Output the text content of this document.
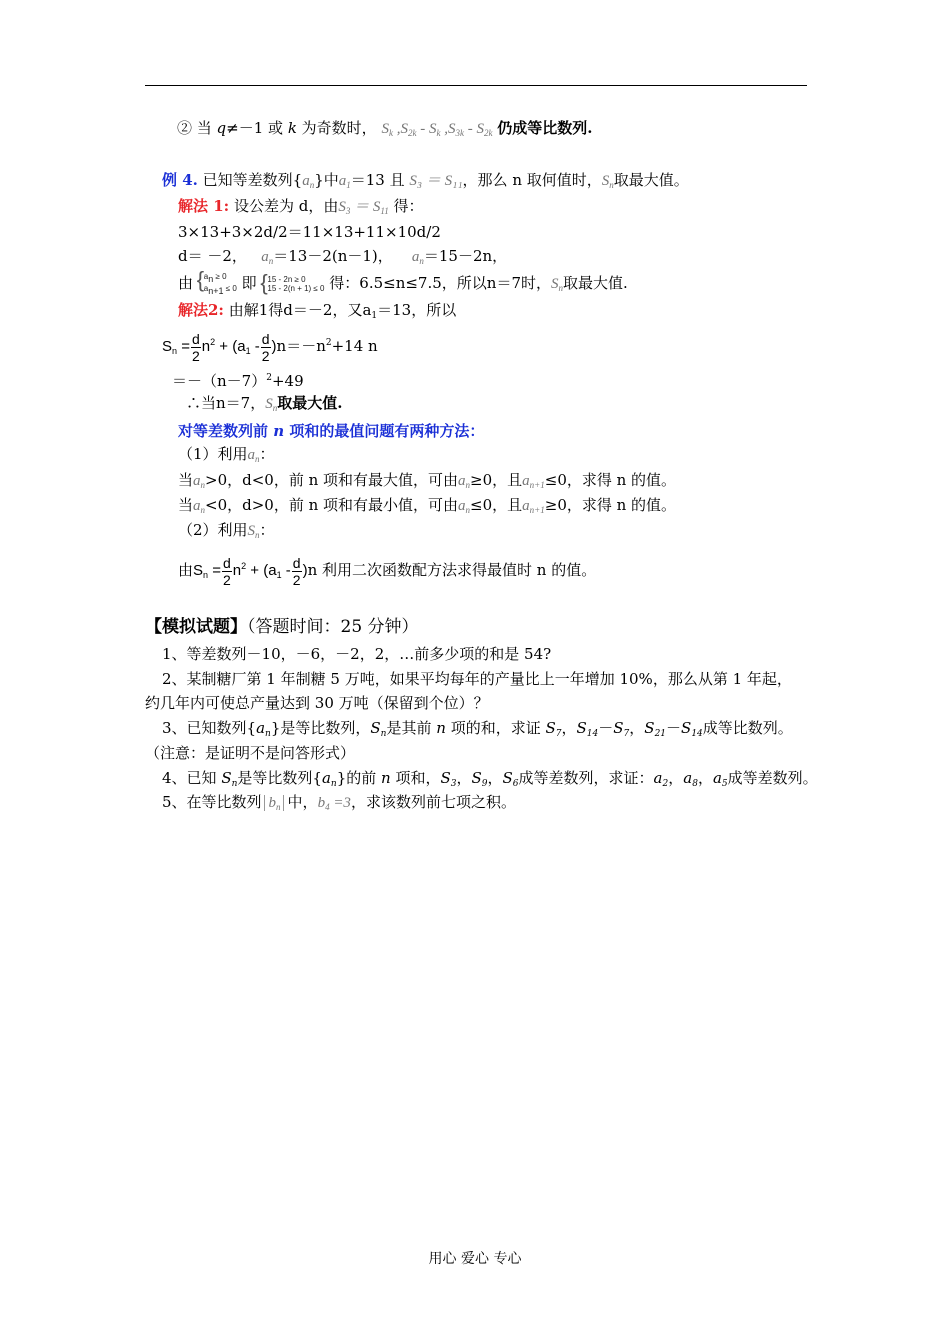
② 当 q≠－1 或 k 为奇数时， $S_k$ $,S_{2k} - S_k$ $,S_{3k} - S_{2k}$ 仍成等比数列.
例 4. 已知等差数列$\{a_n\}$中$a_1=13$ 且 S₃ ＝ S₁₁，那么 n 取何值时，$S_n$取最大值。
解法 1: 设公差为 d，由$S_3 = S_{11}$ 得：
3×13+3×2d/2＝11×13+11×10d/2
d＝ －2， $a_n=13-2(n-1)$， $a_n=15-2n$，
由 { $a_n \ge 0$
$a_{n+1} \le 0$ 即 { 15 - 2n ≥ 0
15 - 2(n + 1) ≤ 0 得：6.5≤n≤7.5，所以n＝7时，$S_n$取最大值.
解法2: 由解1得d＝－2，又$a_1=13$，所以
$S_n = \frac{d}{2} n^2 + (a_1 - \frac{d}{2} )n=-n^2+14$ n
$=-(n-7)^2+49$
∴当n＝7，$S_n$取最大值.
对等差数列前 n 项和的最值问题有两种方法：
（1）利用$a_n$：
当$a_n>0$，d<0，前 n 项和有最大值，可由$a_n\ge 0$，且$a_{n+1}\le 0$，求得 n 的值。
当$a_n<0$，d>0，前 n 项和有最小值，可由$a_n\le 0$，且$a_{n+1}\ge 0$，求得 n 的值。
（2）利用$S_n$：
由$S_n = \frac{d}{2} n^2 + (a_1 - \frac{d}{2} )n$ 利用二次函数配方法求得最值时 n 的值。
【模拟试题】（答题时间：25 分钟）
1、等差数列－10，－6，－2，2，…前多少项的和是 54?
2、某制糖厂第 1 年制糖 5 万吨，如果平均每年的产量比上一年增加 10%，那么从第 1 年起，
约几年内可使总产量达到 30 万吨（保留到个位）？
3、已知数列$\{a_n\}$是等比数列，$S_n$是其前 n 项的和，求证 $S_7$，$S_{14}-S_7$，$S_{21}-S_{14}$成等比数列。
（注意：是证明不是问答形式）
4、已知 $S_n$是等比数列$\{a_n\}$的前 n 项和，$S_3$，$S_9$，$S_6$成等差数列，求证：$a_2$，$a_8$，$a_5$成等差数列。
5、在等比数列 $b_n$ 中，$b_4 =3$，求该数列前七项之积。
用心 爱心 专心
